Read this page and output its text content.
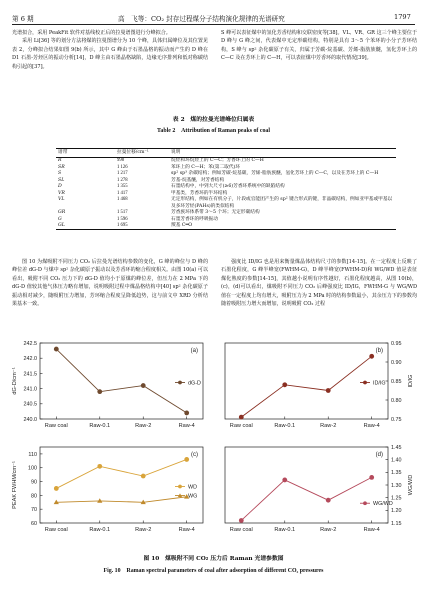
第 6 期	高　飞等：CO₂ 封存过程煤分子结构演化规律的光谱研究	1797

光谱拟合，采用 PeakFit 软件对基线校正后的拉曼谱图进行分峰拟合。

采用 Li[36] 等的划分方法将煤的拉曼图谱分为 10 个峰，具体归属峰位及其位置见表 2，分峰拟合结果如图 9(b) 所示，其中 G 峰由于石墨晶格的振动而产生的 D 峰在 D1 石墨-芳烃区的振动分析[14]，D 峰主由石墨晶格缺陷，边缘无序排列和低对称碳结构引起的[37]。

S 峰可以表征煤中的氢化芳香结构和交联密度等[38]。VL、VR、GR 这三个峰主要位于 D 峰与 G 峰之间，代表煤中无定形碳结构，特别是具有 3～5 个苯环的小分子芳环结构，S 峰与 sp² 杂化碳原子有关，归属于芳碳-烷基碳、芳烯-脂肪族醚，氢化芳环上的 C—C 及在芳环上的 C—H，可以表征煤中芳香环的取代情况[39]。

表 2　煤的拉曼光谱峰位归属表
Table 2　Attribution of Raman peaks of coal
谱带	拉曼位移/cm⁻¹	说明
R	998	烷烃和环烷烃上的 C—C；芳香环上的 C—H
SR	1 126	苯环上的 C—H；苯(第二取代)环
S	1 217	sp² sp³ 杂碳结构；例如芳碳-烷基碳，芳烯-脂肪族醚，氢化芳环上的 C—C，以及在芳环上的 C—H
SL	1 278	芳基-烷基醚，对芳香结构
D	1 355	石墨结构中，中到大尺寸(≥6)芳香环系统中的缺陷结构
VR	1 417	甲基类，芳香环的半环结构
VL	1 468	无定形结构，例如在有机分子，片段或官能团产生的 sp² 键合形式的键，非晶碳结构，例如亚甲基或甲基以及多环芳烃(PAHs)的类似结构
GR	1 517	芳香族环体系带 3～5 个环；无定形碳结构
G	1 596	石墨芳香环的呼吸振动
GL	1 695	羰基 C═O

图 10 为煤吸附不同压力 CO₂ 后拉曼光谱结构参数的变化，G 峰的峰位与 D 峰的峰位差 dG-D 与煤中 sp² 杂化碳原子振动以及芳香环的缩合程度相关。由图 10(a) 可以看出，吸附不同 CO₂ 压力下的 dG-D 值均小于原煤的峰位差，但压力在 2 MPa 下的 dG-D 值较其他气体压力略有增加，说明吸附过程中煤晶格结构中[40] sp² 杂化碳原子振动相对减少，随吸附压力增加，芳环缩合程度呈降低趋势，这与前文中 XRD 分析结果基本一致。

强度比 ID/IG 也是用来衡量煤晶体结构尺寸的参数[14-15]。在一定程度上反映了石墨化程度，G 峰半峰宽(FWHM-G)，D 峰半峰宽(FWHM-D)和 WG/WD 值是表征煤化熟度的参数[14-15]，其值越小说明有序性越好，石墨化程度越高，从图 10(b)，(c)，(d)可以看出，煤吸附不同压力 CO₂ 后峰强度比 ID/IG，FWHM-G 与 WG/WD 值在一定程度上均有增大，吸附压力为 2 MPa 时的结构参数最小，其余压力下的参数均随着吸附压力增大而增加，说明吸附 CO₂ 过程

240.0
240.5
241.0
241.5
242.0
242.5
Raw coal	Raw-0.1	Raw-2	Raw-4
dG-D/cm⁻¹
(a)
dG-D
0.75
0.80
0.85
0.90
0.95
Raw coal	Raw-0.1	Raw-2	Raw-4
ID/IG
(b)
ID/IG
60
70
80
90
100
110
Raw coal	Raw-0.1	Raw-2	Raw-4
PEAK FWHM/cm⁻¹
(c)
WD
WG
1.15
1.20
1.25
1.30
1.35
1.40
1.45
Raw coal	Raw-0.1	Raw-2	Raw-4
WG/WD
(d)
WG/WD
图 10　煤吸附不同 CO₂ 压力后 Raman 光谱参数图
Fig. 10　Raman spectral parameters of coal after adsorption of different CO₂ pressures
